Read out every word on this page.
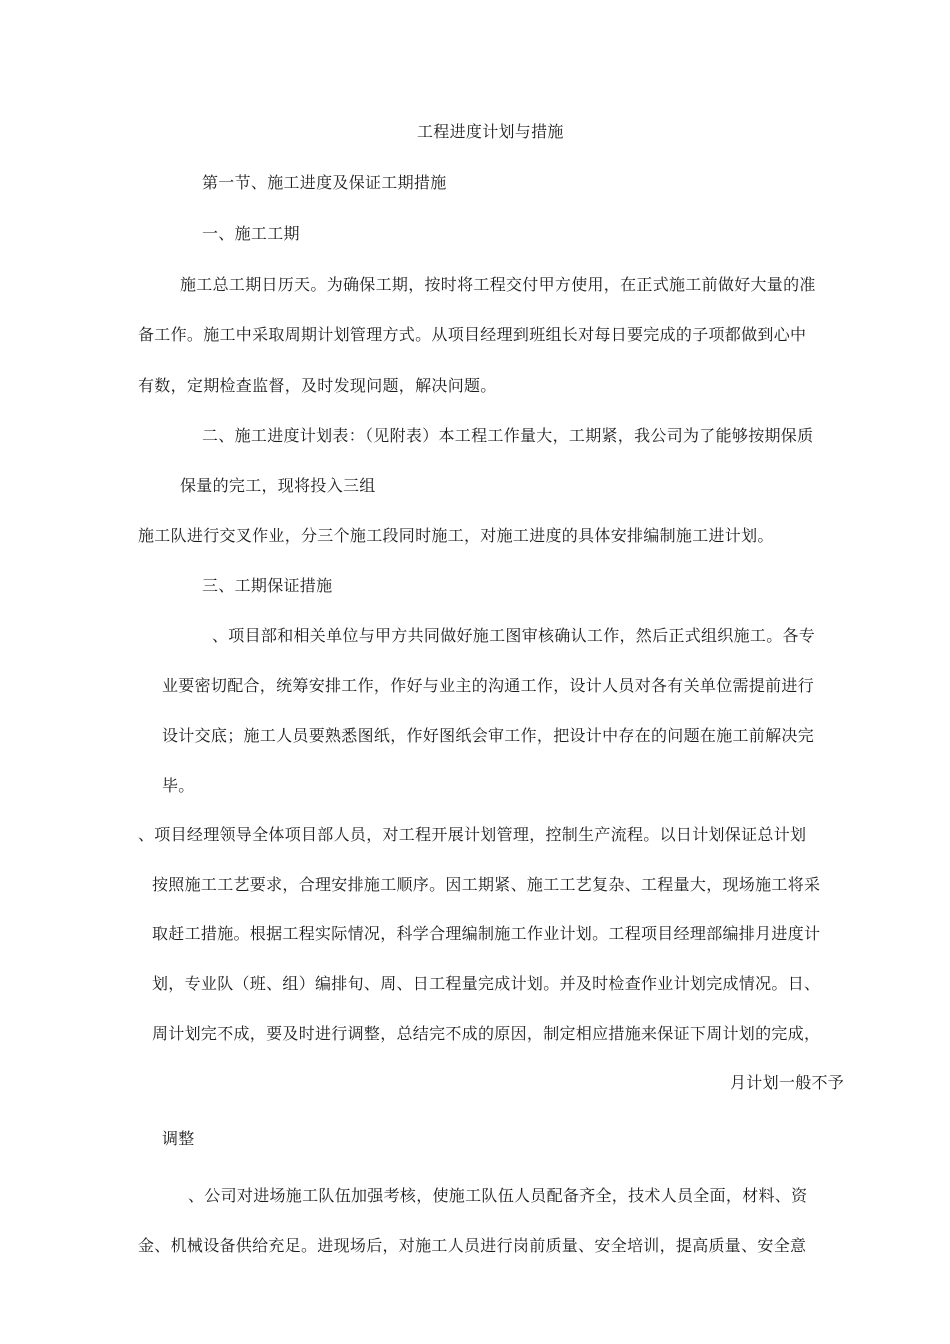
工程进度计划与措施
第一节、施工进度及保证工期措施
一、施工工期
施工总工期日历天。为确保工期，按时将工程交付甲方使用，在正式施工前做好大量的准
备工作。施工中采取周期计划管理方式。从项目经理到班组长对每日要完成的子项都做到心中
有数，定期检查监督，及时发现问题，解决问题。
二、施工进度计划表：（见附表）本工程工作量大，工期紧，我公司为了能够按期保质
保量的完工，现将投入三组
施工队进行交叉作业，分三个施工段同时施工，对施工进度的具体安排编制施工进计划。
三、工期保证措施
、项目部和相关单位与甲方共同做好施工图审核确认工作，然后正式组织施工。各专
业要密切配合，统筹安排工作，作好与业主的沟通工作，设计人员对各有关单位需提前进行
设计交底；施工人员要熟悉图纸，作好图纸会审工作，把设计中存在的问题在施工前解决完
毕。
、项目经理领导全体项目部人员，对工程开展计划管理，控制生产流程。以日计划保证总计划
按照施工工艺要求，合理安排施工顺序。因工期紧、施工工艺复杂、工程量大，现场施工将采
取赶工措施。根据工程实际情况，科学合理编制施工作业计划。工程项目经理部编排月进度计
划，专业队（班、组）编排旬、周、日工程量完成计划。并及时检查作业计划完成情况。日、
周计划完不成，要及时进行调整，总结完不成的原因，制定相应措施来保证下周计划的完成，
月计划一般不予
调整
、公司对进场施工队伍加强考核，使施工队伍人员配备齐全，技术人员全面，材料、资
金、机械设备供给充足。进现场后，对施工人员进行岗前质量、安全培训，提高质量、安全意
